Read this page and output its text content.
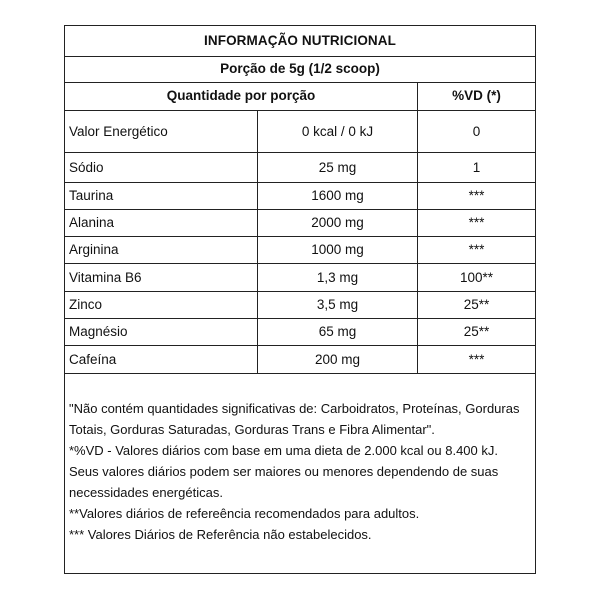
INFORMAÇÃO NUTRICIONAL
Porção de 5g (1/2 scoop)
Quantidade por porção	%VD (*)
Valor Energético	0 kcal / 0 kJ	0
Sódio	25 mg	1
Taurina	1600 mg	***
Alanina	2000 mg	***
Arginina	1000 mg	***
Vitamina B6	1,3 mg	100**
Zinco	3,5 mg	25**
Magnésio	65 mg	25**
Cafeína	200 mg	***

"Não contém quantidades significativas de: Carboidratos, Proteínas, Gorduras Totais, Gorduras Saturadas, Gorduras Trans e Fibra Alimentar".

*%VD - Valores diários com base em uma dieta de 2.000 kcal ou 8.400 kJ. Seus valores diários podem ser maiores ou menores dependendo de suas necessidades energéticas.

**Valores diários de refereência recomendados para adultos.

*** Valores Diários de Referência não estabelecidos.
